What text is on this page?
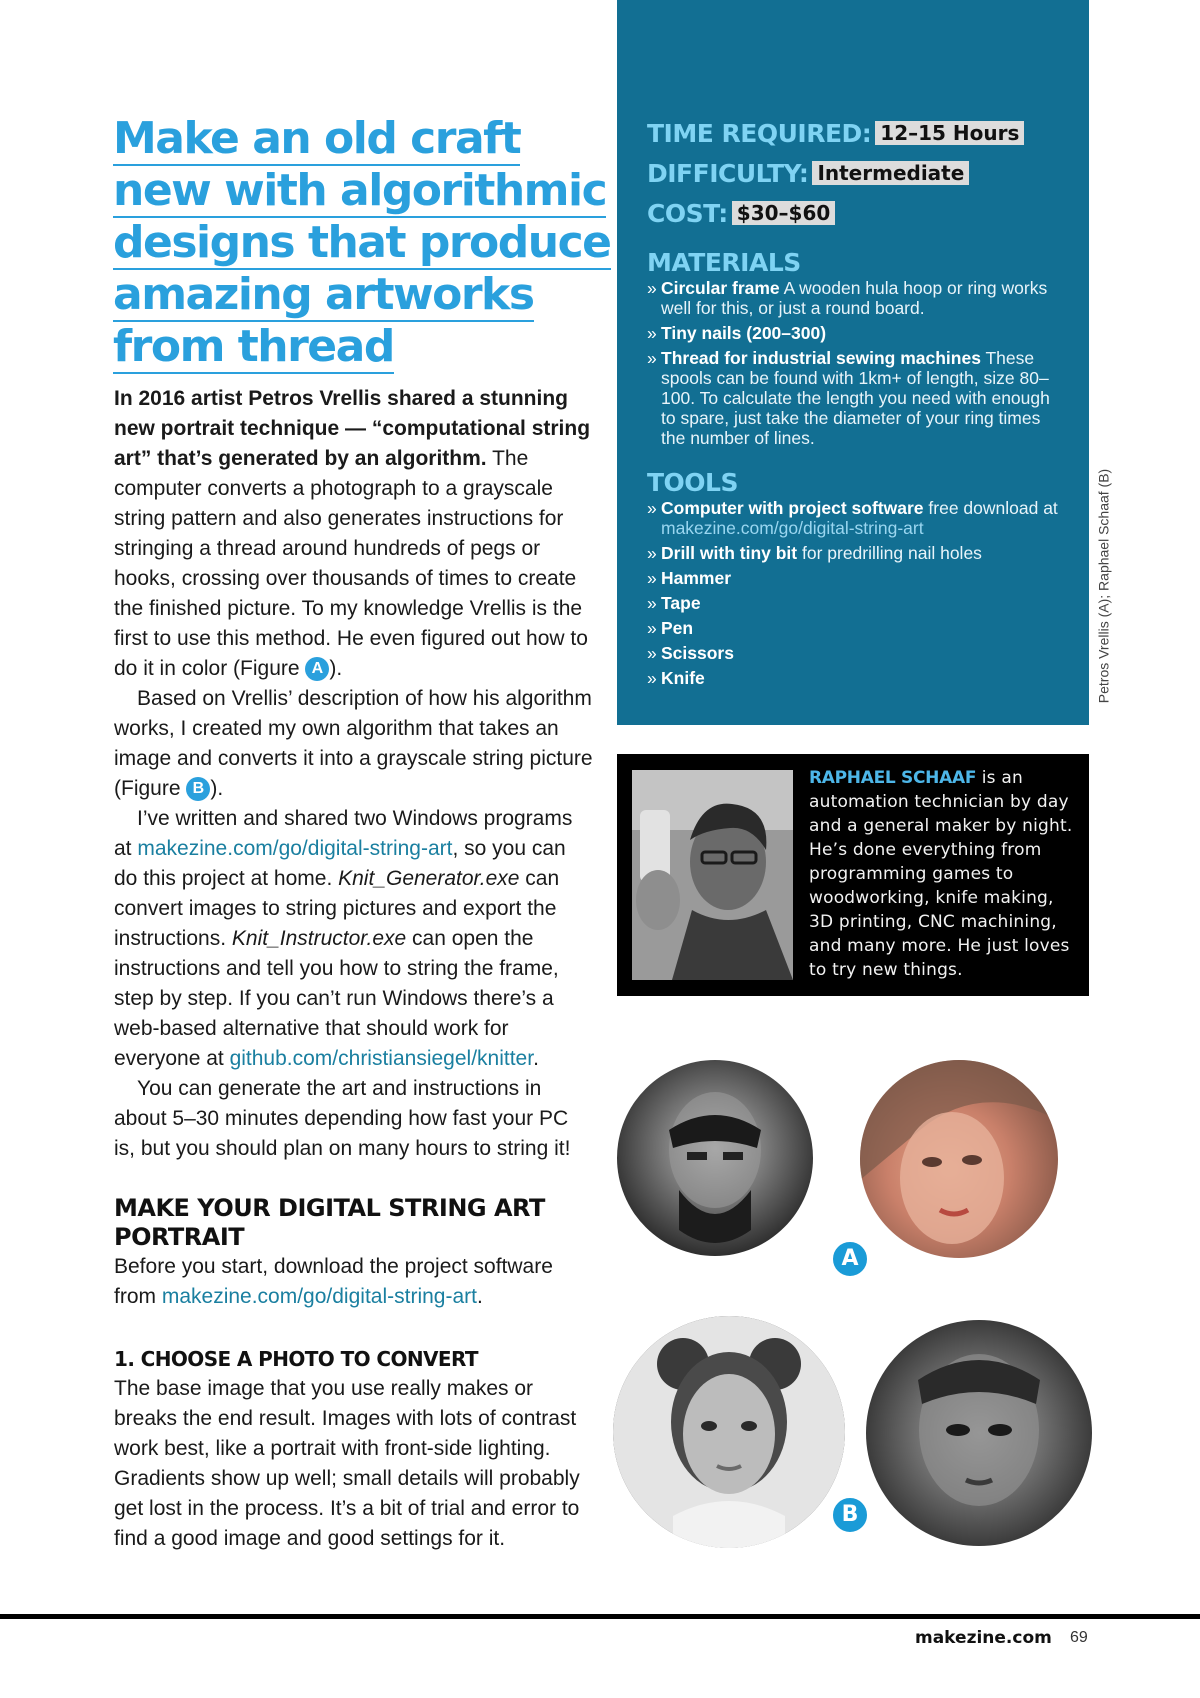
Make an old craft
new with algorithmic
designs that produce
amazing artworks
from thread

In 2016 artist Petros Vrellis shared a stunning new portrait technique — “computational string art” that’s generated by an algorithm. The computer converts a photograph to a grayscale string pattern and also generates instructions for stringing a thread around hundreds of pegs or hooks, crossing over thousands of times to create the finished picture. To my knowledge Vrellis is the first to use this method. He even figured out how to do it in color (Figure A ).

Based on Vrellis’ description of how his algorithm works, I created my own algorithm that takes an image and converts it into a grayscale string picture (Figure B ).

I’ve written and shared two Windows programs at makezine.com/go/digital-string-art, so you can do this project at home. Knit_Generator.exe can convert images to string pictures and export the instructions. Knit_Instructor.exe can open the instructions and tell you how to string the frame, step by step. If you can’t run Windows there’s a web-based alternative that should work for everyone at github.com/christiansiegel/knitter.

You can generate the art and instructions in about 5–30 minutes depending how fast your PC is, but you should plan on many hours to string it!

MAKE YOUR DIGITAL STRING ART PORTRAIT

Before you start, download the project software from makezine.com/go/digital-string-art.

1. CHOOSE A PHOTO TO CONVERT

The base image that you use really makes or breaks the end result. Images with lots of contrast work best, like a portrait with front-side lighting. Gradients show up well; small details will probably get lost in the process. It’s a bit of trial and error to find a good image and good settings for it.

TIME REQUIRED: 12–15 Hours
DIFFICULTY: Intermediate
COST: $30–$60
MATERIALS
» Circular frame A wooden hula hoop or ring works well for this, or just a round board.
» Tiny nails (200–300)
» Thread for industrial sewing machines These spools can be found with 1km+ of length, size 80–100. To calculate the length you need with enough to spare, just take the diameter of your ring times the number of lines.
TOOLS
» Computer with project software free download at makezine.com/go/digital-string-art
» Drill with tiny bit for predrilling nail holes
» Hammer
» Tape
» Pen
» Scissors
» Knife	Petros Vrellis (A); Raphael Schaaf (B)
RAPHAEL SCHAAF is an automation technician by day and a general maker by night. He’s done everything from programming games to woodworking, knife making, 3D printing, CNC machining, and many more. He just loves to try new things.
A
B
makezine.com 69
